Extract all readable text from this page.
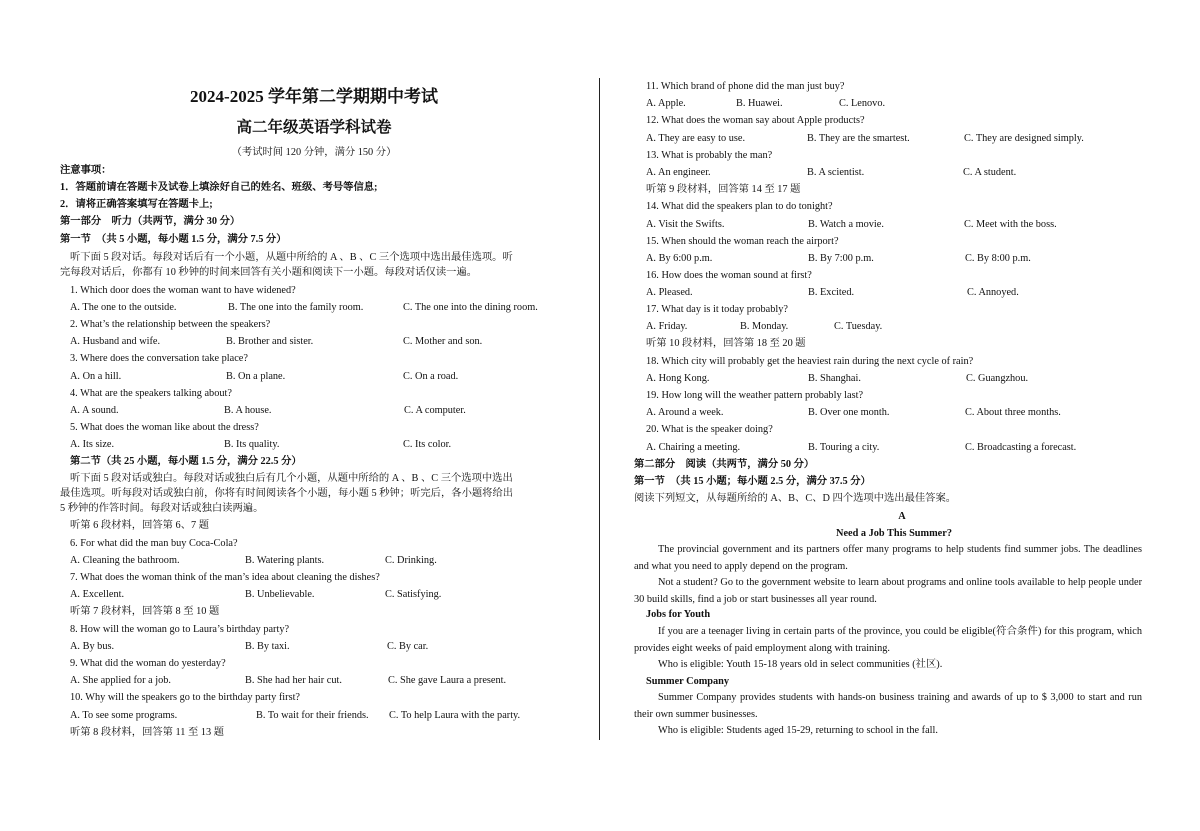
2024-2025 学年第二学期期中考试
高二年级英语学科试卷
（考试时间 120 分钟，满分 150 分）
注意事项：
1．答题前请在答题卡及试卷上填涂好自己的姓名、班级、考号等信息;
2．请将正确答案填写在答题卡上;
第一部分　听力（共两节，满分 30 分）
第一节　（共 5 小题，每小题 1.5 分，满分 7.5 分）
听下面 5 段对话。每段对话后有一个小题，从题中所给的 A 、B 、C 三个选项中选出最佳选项。听
完每段对话后，你都有 10 秒钟的时间来回答有关小题和阅读下一小题。每段对话仅读一遍。
1. Which door does the woman want to have widened?
A. The one to the outside.	B. The one into the family room.	C. The one into the dining room.
2. What’s the relationship between the speakers?
A. Husband and wife.	B. Brother and sister.	C. Mother and son.
3. Where does the conversation take place?
A. On a hill.	B. On a plane.	C. On a road.
4. What are the speakers talking about?
A. A sound.	B. A house.	C. A computer.
5. What does the woman like about the dress?
A. Its size.	B. Its quality.	C. Its color.
第二节（共 25 小题，每小题 1.5 分，满分 22.5 分）
听下面 5 段对话或独白。每段对话或独白后有几个小题，从题中所给的 A 、B 、C 三个选项中选出
最佳选项。听每段对话或独白前，你将有时间阅读各个小题，每小题 5 秒钟；听完后，各小题将给出
5 秒钟的作答时间。每段对话或独白读两遍。
听第 6 段材料，回答第 6、7 题
6. For what did the man buy Coca-Cola?
A. Cleaning the bathroom.	B. Watering plants.	C. Drinking.
7. What does the woman think of the man’s idea about cleaning the dishes?
A. Excellent.	B. Unbelievable.	C. Satisfying.
听第 7 段材料，回答第 8 至 10 题
8. How will the woman go to Laura’s birthday party?
A. By bus.	B. By taxi.	C. By car.
9. What did the woman do yesterday?
A. She applied for a job.	B. She had her hair cut.	C. She gave Laura a present.
10. Why will the speakers go to the birthday party first?
A. To see some programs.	B. To wait for their friends. C. To help Laura with the party.
听第 8 段材料，回答第 11 至 13 题
11. Which brand of phone did the man just buy?
A. Apple.	B. Huawei.	C. Lenovo.
12. What does the woman say about Apple products?
A. They are easy to use.	B. They are the smartest.	C. They are designed simply.
13. What is probably the man?
A. An engineer.	B. A scientist.	C. A student.
听第 9 段材料，回答第 14 至 17 题
14. What did the speakers plan to do tonight?
A. Visit the Swifts.	B. Watch a movie.	C. Meet with the boss.
15. When should the woman reach the airport?
A. By 6:00 p.m.	B. By 7:00 p.m.	C. By 8:00 p.m.
16. How does the woman sound at first?
A. Pleased.	B. Excited.	C. Annoyed.
17. What day is it today probably?
A. Friday.	B. Monday.	C. Tuesday.
听第 10 段材料，回答第 18 至 20 题
18. Which city will probably get the heaviest rain during the next cycle of rain?
A. Hong Kong.	B. Shanghai.	C. Guangzhou.
19. How long will the weather pattern probably last?
A. Around a week.	B. Over one month.	C. About three months.
20. What is the speaker doing?
A. Chairing a meeting.	B. Touring a city.	C. Broadcasting a forecast.
第二部分　阅读（共两节，满分 50 分）
第一节　（共 15 小题；每小题 2.5 分，满分 37.5 分）
阅读下列短文，从每题所给的 A、B、C、D 四个选项中选出最佳答案。
A
Need a Job This Summer?
The provincial government and its partners offer many programs to help students find summer jobs. The deadlines and what you need to apply depend on the program.
Not a student? Go to the government website to learn about programs and online tools available to help people under 30 build skills, find a job or start businesses all year round.
Jobs for Youth
If you are a teenager living in certain parts of the province, you could be eligible(符合条件) for this program, which provides eight weeks of paid employment along with training.
Who is eligible: Youth 15-18 years old in select communities (社区).
Summer Company
Summer Company provides students with hands-on business training and awards of up to $ 3,000 to start and run their own summer businesses.
Who is eligible: Students aged 15-29, returning to school in the fall.
